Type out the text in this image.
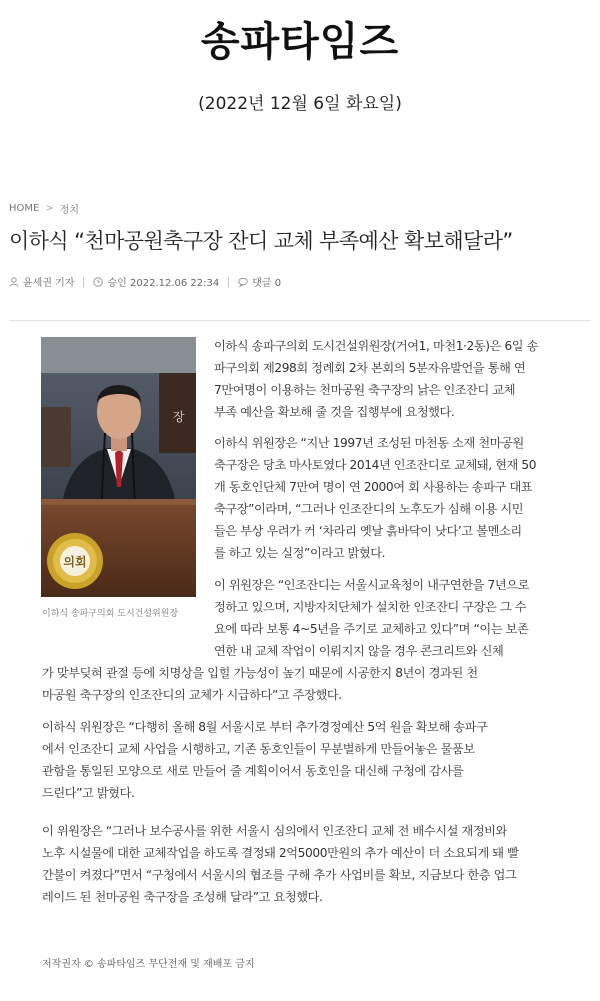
송파타임즈
(2022년 12월 6일 화요일)
HOME > 정치
이하식 “천마공원축구장 잔디 교체 부족예산 확보해달라”
윤세권 기자	승인 2022.12.06 22:34	댓글 0
장
의회
이하식 송파구의회 도시건설위원장
이하식 송파구의회 도시건설위원장(거여1, 마천1·2동)은 6일 송
파구의회 제298회 정례회 2차 본회의 5분자유발언을 통해 연
7만여명이 이용하는 천마공원 축구장의 낡은 인조잔디 교체
부족 예산을 확보해 줄 것을 집행부에 요청했다.
이하식 위원장은 “지난 1997년 조성된 마천동 소재 천마공원
축구장은 당초 마사토였다 2014년 인조잔디로 교체돼, 현재 50
개 동호인단체 7만여 명이 연 2000여 회 사용하는 송파구 대표
축구장”이라며, “그러나 인조잔디의 노후도가 심해 이용 시민
들은 부상 우려가 커 ‘차라리 옛날 흙바닥이 낫다’고 볼멘소리
를 하고 있는 실정”이라고 밝혔다.
이 위원장은 “인조잔디는 서울시교육청이 내구연한을 7년으로
정하고 있으며, 지방자치단체가 설치한 인조잔디 구장은 그 수
요에 따라 보통 4~5년을 주기로 교체하고 있다”며 “이는 보존
연한 내 교체 작업이 이뤄지지 않을 경우 콘크리트와 신체
가 맞부딪혀 관절 등에 치명상을 입힐 가능성이 높기 때문에 시공한지 8년이 경과된 천
마공원 축구장의 인조잔디의 교체가 시급하다”고 주장했다.
이하식 위원장은 “다행히 올해 8월 서울시로 부터 추가경정예산 5억 원을 확보해 송파구
에서 인조잔디 교체 사업을 시행하고, 기존 동호인들이 무분별하게 만들어놓은 물품보
관함을 통일된 모양으로 새로 만들어 줄 계획이어서 동호인을 대신해 구청에 감사를
드린다”고 밝혔다.
이 위원장은 “그러나 보수공사를 위한 서울시 심의에서 인조잔디 교체 전 배수시설 재정비와
노후 시설물에 대한 교체작업을 하도록 결정돼 2억5000만원의 추가 예산이 더 소요되게 돼 빨
간불이 켜졌다”면서 “구청에서 서울시의 협조를 구해 추가 사업비를 확보, 지금보다 한층 업그
레이드 된 천마공원 축구장을 조성해 달라”고 요청했다.
저작권자 © 송파타임즈 무단전재 및 재배포 금지
